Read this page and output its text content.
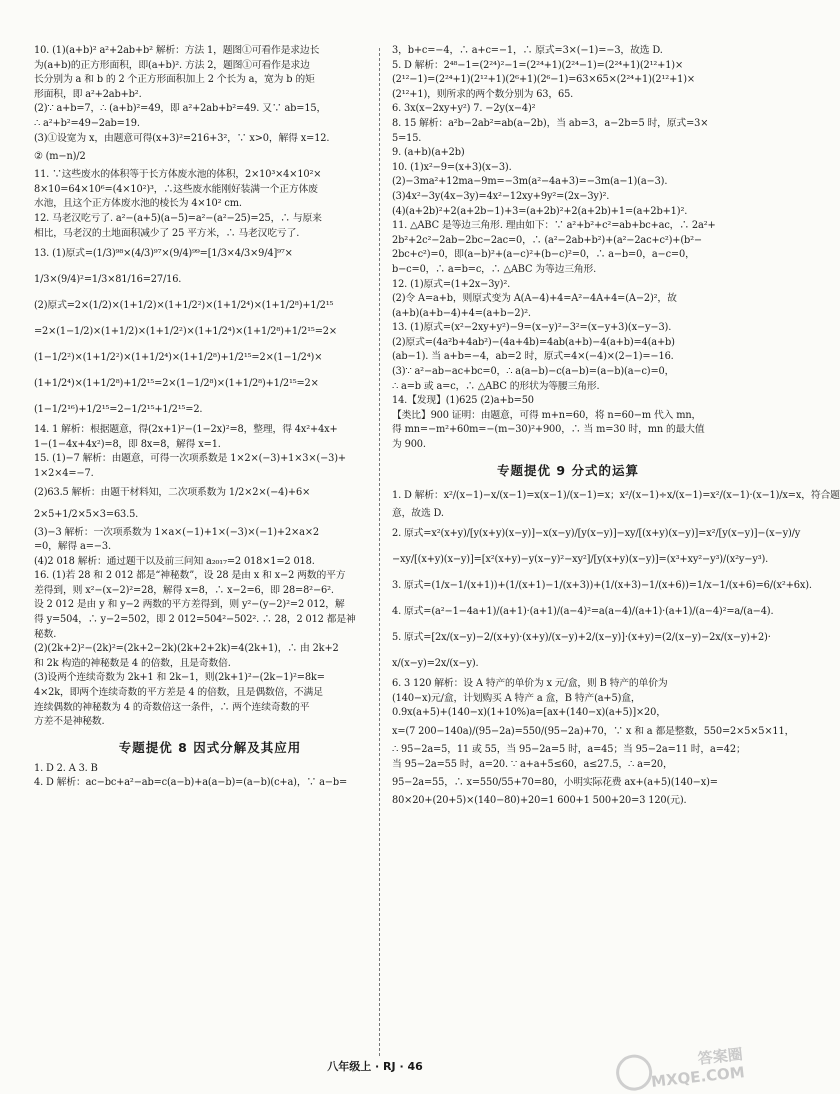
10. (1)(a+b)² a²+2ab+b² 解析：方法 1，题图①可看作是求边长
为(a+b)的正方形面积，即(a+b)². 方法 2，题图①可看作是求边
长分别为 a 和 b 的 2 个正方形面积加上 2 个长为 a，宽为 b 的矩
形面积，即 a²+2ab+b².
(2)∵ a+b=7，∴ (a+b)²=49，即 a²+2ab+b²=49. 又∵ ab=15，
∴ a²+b²=49−2ab=19.
(3)①设宽为 x，由题意可得(x+3)²=216+3²，∵ x>0，解得 x=12.
② (m−n)/2
11. ∵这些废水的体积等于长方体废水池的体积，2×10³×4×10²×
8×10=64×10⁶=(4×10²)³，∴这些废水能刚好装满一个正方体废
水池，且这个正方体废水池的棱长为 4×10² cm.
12. 马老汉吃亏了. a²−(a+5)(a−5)=a²−(a²−25)=25，∴ 与原来
相比，马老汉的土地面积减少了 25 平方米，∴ 马老汉吃亏了.
13. (1)原式=(1/3)⁹⁸×(4/3)⁹⁷×(9/4)⁹⁹=[1/3×4/3×9/4]⁹⁷×
1/3×(9/4)²=1/3×81/16=27/16.
(2)原式=2×(1/2)×(1+1/2)×(1+1/2²)×(1+1/2⁴)×(1+1/2⁸)+1/2¹⁵
=2×(1−1/2)×(1+1/2)×(1+1/2²)×(1+1/2⁴)×(1+1/2⁸)+1/2¹⁵=2×
(1−1/2²)×(1+1/2²)×(1+1/2⁴)×(1+1/2⁸)+1/2¹⁵=2×(1−1/2⁴)×
(1+1/2⁴)×(1+1/2⁸)+1/2¹⁵=2×(1−1/2⁸)×(1+1/2⁸)+1/2¹⁵=2×
(1−1/2¹⁶)+1/2¹⁵=2−1/2¹⁵+1/2¹⁵=2.
14. 1 解析：根据题意，得(2x+1)²−(1−2x)²=8，整理，得 4x²+4x+
1−(1−4x+4x²)=8，即 8x=8，解得 x=1.
15. (1)−7 解析：由题意，可得一次项系数是 1×2×(−3)+1×3×(−3)+
1×2×4=−7.
(2)63.5 解析：由题干材料知，二次项系数为 1/2×2×(−4)+6×
2×5+1/2×5×3=63.5.
(3)−3 解析：一次项系数为 1×a×(−1)+1×(−3)×(−1)+2×a×2
=0，解得 a=−3.
(4)2 018 解析：通过题干以及前三问知 a₂₀₁₇=2 018×1=2 018.
16. (1)若 28 和 2 012 都是“神秘数”，设 28 是由 x 和 x−2 两数的平方
差得到，则 x²−(x−2)²=28，解得 x=8，∴ x−2=6，即 28=8²−6².
设 2 012 是由 y 和 y−2 两数的平方差得到，则 y²−(y−2)²=2 012，解
得 y=504，∴ y−2=502，即 2 012=504²−502². ∴ 28，2 012 都是神
秘数.
(2)(2k+2)²−(2k)²=(2k+2−2k)(2k+2+2k)=4(2k+1)，∴ 由 2k+2
和 2k 构造的神秘数是 4 的倍数，且是奇数倍.
(3)设两个连续奇数为 2k+1 和 2k−1，则(2k+1)²−(2k−1)²=8k=
4×2k，即两个连续奇数的平方差是 4 的倍数，且是偶数倍，不满足
连续偶数的神秘数为 4 的奇数倍这一条件，∴ 两个连续奇数的平
方差不是神秘数.
专题提优 8 因式分解及其应用
1. D 2. A 3. B
4. D 解析：ac−bc+a²−ab=c(a−b)+a(a−b)=(a−b)(c+a)，∵ a−b=
3，b+c=−4，∴ a+c=−1，∴ 原式=3×(−1)=−3，故选 D.
5. D 解析：2⁴⁸−1=(2²⁴)²−1=(2²⁴+1)(2²⁴−1)=(2²⁴+1)(2¹²+1)×
(2¹²−1)=(2²⁴+1)(2¹²+1)(2⁶+1)(2⁶−1)=63×65×(2²⁴+1)(2¹²+1)×
(2¹²+1)，则所求的两个数分别为 63，65.
6. 3x(x−2xy+y²) 7. −2y(x−4)²
8. 15 解析：a²b−2ab²=ab(a−2b)，当 ab=3，a−2b=5 时，原式=3×
5=15.
9. (a+b)(a+2b)
10. (1)x²−9=(x+3)(x−3).
(2)−3ma²+12ma−9m=−3m(a²−4a+3)=−3m(a−1)(a−3).
(3)4x²−3y(4x−3y)=4x²−12xy+9y²=(2x−3y)².
(4)(a+2b)²+2(a+2b−1)+3=(a+2b)²+2(a+2b)+1=(a+2b+1)².
11. △ABC 是等边三角形. 理由如下：∵ a²+b²+c²=ab+bc+ac，∴ 2a²+
2b²+2c²−2ab−2bc−2ac=0，∴ (a²−2ab+b²)+(a²−2ac+c²)+(b²−
2bc+c²)=0，即(a−b)²+(a−c)²+(b−c)²=0，∴ a−b=0，a−c=0，
b−c=0，∴ a=b=c，∴ △ABC 为等边三角形.
12. (1)原式=(1+2x−3y)².
(2)令 A=a+b，则原式变为 A(A−4)+4=A²−4A+4=(A−2)²，故
(a+b)(a+b−4)+4=(a+b−2)².
13. (1)原式=(x²−2xy+y²)−9=(x−y)²−3²=(x−y+3)(x−y−3).
(2)原式=(4a²b+4ab²)−(4a+4b)=4ab(a+b)−4(a+b)=4(a+b)
(ab−1). 当 a+b=−4，ab=2 时，原式=4×(−4)×(2−1)=−16.
(3)∵ a²−ab−ac+bc=0，∴ a(a−b)−c(a−b)=(a−b)(a−c)=0，
∴ a=b 或 a=c，∴ △ABC 的形状为等腰三角形.
14.【发现】(1)625 (2)a+b=50
【类比】900 证明：由题意，可得 m+n=60，将 n=60−m 代入 mn，
得 mn=−m²+60m=−(m−30)²+900，∴ 当 m=30 时，mn 的最大值
为 900.
专题提优 9 分式的运算
1. D 解析：x²/(x−1)−x/(x−1)=x(x−1)/(x−1)=x；x²/(x−1)÷x/(x−1)=x²/(x−1)·(x−1)/x=x，符合题
意，故选 D.
2. 原式=x²(x+y)/[y(x+y)(x−y)]−x(x−y)/[y(x−y)]−xy/[(x+y)(x−y)]=x²/[y(x−y)]−(x−y)/y
−xy/[(x+y)(x−y)]=[x²(x+y)−y(x−y)²−xy²]/[y(x+y)(x−y)]=(x³+xy²−y³)/(x²y−y³).
3. 原式=(1/x−1/(x+1))+(1/(x+1)−1/(x+3))+(1/(x+3)−1/(x+6))=1/x−1/(x+6)=6/(x²+6x).
4. 原式=(a²−1−4a+1)/(a+1)·(a+1)/(a−4)²=a(a−4)/(a+1)·(a+1)/(a−4)²=a/(a−4).
5. 原式=[2x/(x−y)−2/(x+y)·(x+y)/(x−y)+2/(x−y)]·(x+y)=(2/(x−y)−2x/(x−y)+2)·
x/(x−y)=2x/(x−y).
6. 3 120 解析：设 A 特产的单价为 x 元/盒，则 B 特产的单价为
(140−x)元/盒，计划购买 A 特产 a 盒，B 特产(a+5)盒，
0.9x(a+5)+(140−x)(1+10%)a=[ax+(140−x)(a+5)]×20，
x=(7 200−140a)/(95−2a)=550/(95−2a)+70，∵ x 和 a 都是整数，550=2×5×5×11，
∴ 95−2a=5，11 或 55，当 95−2a=5 时，a=45；当 95−2a=11 时，a=42；
当 95−2a=55 时，a=20. ∵ a+a+5≤60，a≤27.5，∴ a=20，
95−2a=55，∴ x=550/55+70=80，小明实际花费 ax+(a+5)(140−x)=
80×20+(20+5)×(140−80)+20=1 600+1 500+20=3 120(元).
八年级上 · RJ · 46	答案圈
MXQE.COM
